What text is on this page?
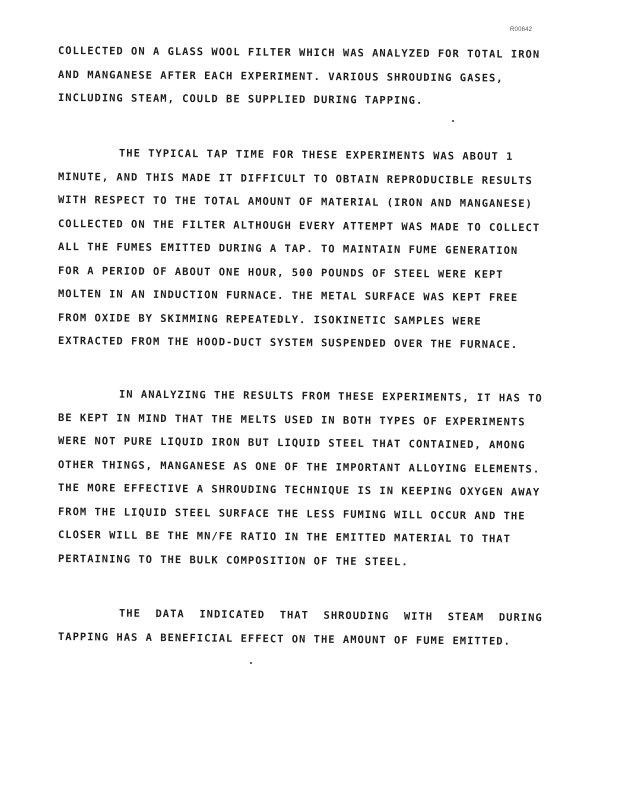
R00642
COLLECTED ON A GLASS WOOL FILTER WHICH WAS ANALYZED FOR TOTAL IRON
AND MANGANESE AFTER EACH EXPERIMENT. VARIOUS SHROUDING GASES,
INCLUDING STEAM, COULD BE SUPPLIED DURING TAPPING.
THE TYPICAL TAP TIME FOR THESE EXPERIMENTS WAS ABOUT 1
MINUTE, AND THIS MADE IT DIFFICULT TO OBTAIN REPRODUCIBLE RESULTS
WITH RESPECT TO THE TOTAL AMOUNT OF MATERIAL (IRON AND MANGANESE)
COLLECTED ON THE FILTER ALTHOUGH EVERY ATTEMPT WAS MADE TO COLLECT
ALL THE FUMES EMITTED DURING A TAP. TO MAINTAIN FUME GENERATION
FOR A PERIOD OF ABOUT ONE HOUR, 500 POUNDS OF STEEL WERE KEPT
MOLTEN IN AN INDUCTION FURNACE. THE METAL SURFACE WAS KEPT FREE
FROM OXIDE BY SKIMMING REPEATEDLY. ISOKINETIC SAMPLES WERE
EXTRACTED FROM THE HOOD-DUCT SYSTEM SUSPENDED OVER THE FURNACE.
IN ANALYZING THE RESULTS FROM THESE EXPERIMENTS, IT HAS TO
BE KEPT IN MIND THAT THE MELTS USED IN BOTH TYPES OF EXPERIMENTS
WERE NOT PURE LIQUID IRON BUT LIQUID STEEL THAT CONTAINED, AMONG
OTHER THINGS, MANGANESE AS ONE OF THE IMPORTANT ALLOYING ELEMENTS.
THE MORE EFFECTIVE A SHROUDING TECHNIQUE IS IN KEEPING OXYGEN AWAY
FROM THE LIQUID STEEL SURFACE THE LESS FUMING WILL OCCUR AND THE
CLOSER WILL BE THE MN/FE RATIO IN THE EMITTED MATERIAL TO THAT
PERTAINING TO THE BULK COMPOSITION OF THE STEEL.
THE  DATA  INDICATED  THAT  SHROUDING  WITH  STEAM  DURING
TAPPING HAS A BENEFICIAL EFFECT ON THE AMOUNT OF FUME EMITTED.
